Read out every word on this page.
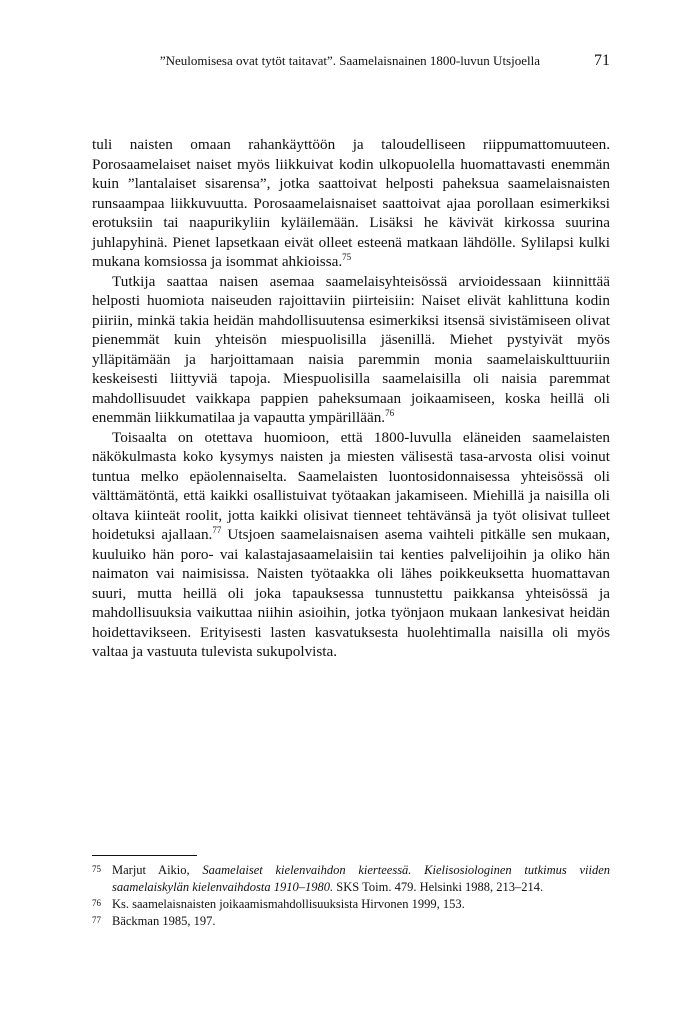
”Neulomisesa ovat tytöt taitavat”. Saamelaisnainen 1800-luvun Utsjoella	71

tuli naisten omaan rahankäyttöön ja taloudelliseen riippumattomuuteen. Porosaamelaiset naiset myös liikkuivat kodin ulkopuolella huomattavasti enemmän kuin ”lantalaiset sisarensa”, jotka saattoivat helposti paheksua saamelaisnaisten runsaampaa liikkuvuutta. Porosaamelaisnaiset saattoivat ajaa porollaan esimerkiksi erotuksiin tai naapurikyliin kyläilemään. Lisäksi he kävivät kirkossa suurina juhlapyhinä. Pienet lapsetkaan eivät olleet esteenä matkaan lähdölle. Sylilapsi kulki mukana komsiossa ja isommat ahkioissa.$^{75}$

Tutkija saattaa naisen asemaa saamelaisyhteisössä arvioidessaan kiinnittää helposti huomiota naiseuden rajoittaviin piirteisiin: Naiset elivät kahlittuna kodin piiriin, minkä takia heidän mahdollisuutensa esimerkiksi itsensä sivistämiseen olivat pienemmät kuin yhteisön miespuolisilla jäsenillä. Miehet pystyivät myös ylläpitämään ja harjoittamaan naisia paremmin monia saamelaiskulttuuriin keskeisesti liittyviä tapoja. Miespuolisilla saamelaisilla oli naisia paremmat mahdollisuudet vaikkapa pappien paheksumaan joikaamiseen, koska heillä oli enemmän liikkumatilaa ja vapautta ympärillään.$^{76}$

Toisaalta on otettava huomioon, että 1800-luvulla eläneiden saamelaisten näkökulmasta koko kysymys naisten ja miesten välisestä tasa-arvosta olisi voinut tuntua melko epäolennaiselta. Saamelaisten luontosidonnaisessa yhteisössä oli välttämätöntä, että kaikki osallistuivat työtaakan jakamiseen. Miehillä ja naisilla oli oltava kiinteät roolit, jotta kaikki olisivat tienneet tehtävänsä ja työt olisivat tulleet hoidetuksi ajallaan.$^{77}$ Utsjoen saamelaisnaisen asema vaihteli pitkälle sen mukaan, kuuluiko hän poro- vai kalastajasaamelaisiin tai kenties palvelijoihin ja oliko hän naimaton vai naimisissa. Naisten työtaakka oli lähes poikkeuksetta huomattavan suuri, mutta heillä oli joka tapauksessa tunnustettu paikkansa yhteisössä ja mahdollisuuksia vaikuttaa niihin asioihin, jotka työnjaon mukaan lankesivat heidän hoidettavikseen. Erityisesti lasten kasvatuksesta huolehtimalla naisilla oli myös valtaa ja vastuuta tulevista sukupolvista.

75 Marjut Aikio, Saamelaiset kielenvaihdon kierteessä. Kielisosiologinen tutkimus viiden saamelaiskylän kielenvaihdosta 1910–1980. SKS Toim. 479. Helsinki 1988, 213–214.

76 Ks. saamelaisnaisten joikaamismahdollisuuksista Hirvonen 1999, 153.

77 Bäckman 1985, 197.
